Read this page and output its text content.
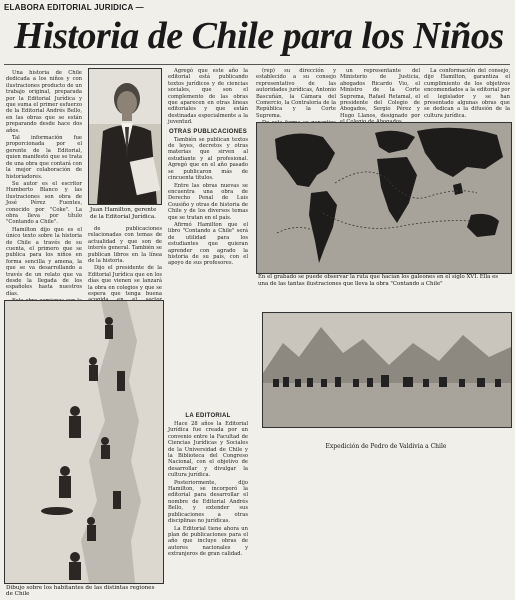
ELABORA EDITORIAL JURIDICA —
Historia de Chile para los Niños

Una historia de Chile dedicada a los niños y con ilustraciones producto de un trabajo original, preparada por la Editorial Jurídica y que suma el primer esfuerzo de la Editorial Andrés Bello, en las obras que se están preparando desde hace dos años.

Tal información fue proporcionada por el gerente de la Editorial, quien manifestó que se trata de una obra que contará con la mejor colaboración de historiadores.

Su autor es el escritor Humberto Blanco y las ilustraciones son obra de José Pérez Fuentes, conocido por "Coke". La obra lleva por título "Contando a Chile".

Hamilton dijo que es el único texto sobre la historia de Chile a través de su cuenta, el primero que se publica para los niños en forma sencilla y amena, la que se va desarrollando a través de un relato que va desde la llegada de los españoles hasta nuestros días.

Juan Hamilton, gerente de la Editorial Jurídica.

de publicaciones relacionadas con temas de actualidad y que son de interés general. También se publican libros en la línea de la historia.

Dijo el presidente de la Editorial Jurídica que en los días que vienen se lanzará la obra en colegios y que se espera que tenga buena

Agregó que este año la editorial está publicando textos jurídicos y de ciencias sociales, que son el complemento de las obras que aparecen en otras líneas editoriales y que están destinadas especialmente a la juventud.

OTRAS PUBLICACIONES

También se publican textos de leyes, decretos y otras materias que sirven al estudiante y al profesional. Agregó que en el año pasado se publicaron más de cincuenta títulos.

Entre las obras nuevas se encuentra una obra de Derecho Penal de Luis Cousiño y otras de historia de Chile y de los diversos temas que se tratan en el país.

Afirmó Hamilton que el libro "Contando a Chile" será de utilidad para los estudiantes que quieran aprender con agrado la historia de su país, con el apoyo de sus profesores.

LA EDITORIAL

Hace 28 años la Editorial Jurídica fue creada por un convenio entre la Facultad de Ciencias Jurídicas y Sociales de la Universidad de Chile y la Biblioteca del Congreso Nacional, con el objetivo de desarrollar y divulgar la cultura jurídica.

Posteriormente, dijo Hamilton, se incorporó la editorial para desarrollar el nombre de Editorial Andrés Bello, y extender sus publicaciones a otras disciplinas no jurídicas.

La Editorial tiene ahora un plan de publicaciones para el año que incluye obras de autores nacionales y extranjeros de gran calidad.

(rep) su dirección y establecido a su consejo representativo de las autoridades jurídicas, Antonio Bascuñán, la Cámara del Comercio, la Contraloría de la República y la Corte Suprema.

un representante del Ministerio de Justicia, abogados Ricardo Vio, el Ministro de la Corte Suprema, Rafael Retamal, el presidente del Colegio de Abogados, Sergio Pérez y Hugo Llanos, designado por

La conformación del consejo, dijo Hamilton, garantiza el cumplimiento de los objetivos encomendados a la editorial por el legislador y se han presentado algunas obras que se dedican a la difusión de la cultura jurídica.

En el grabado se puede observar la ruta que hacían los galeones en el siglo XVI. Ella es una de las tantas ilustraciones que lleva la obra "Contando a Chile"
Expedición de Pedro de Valdivia a Chile
Dibujo sobre los habitantes de las distintas regiones de Chile
